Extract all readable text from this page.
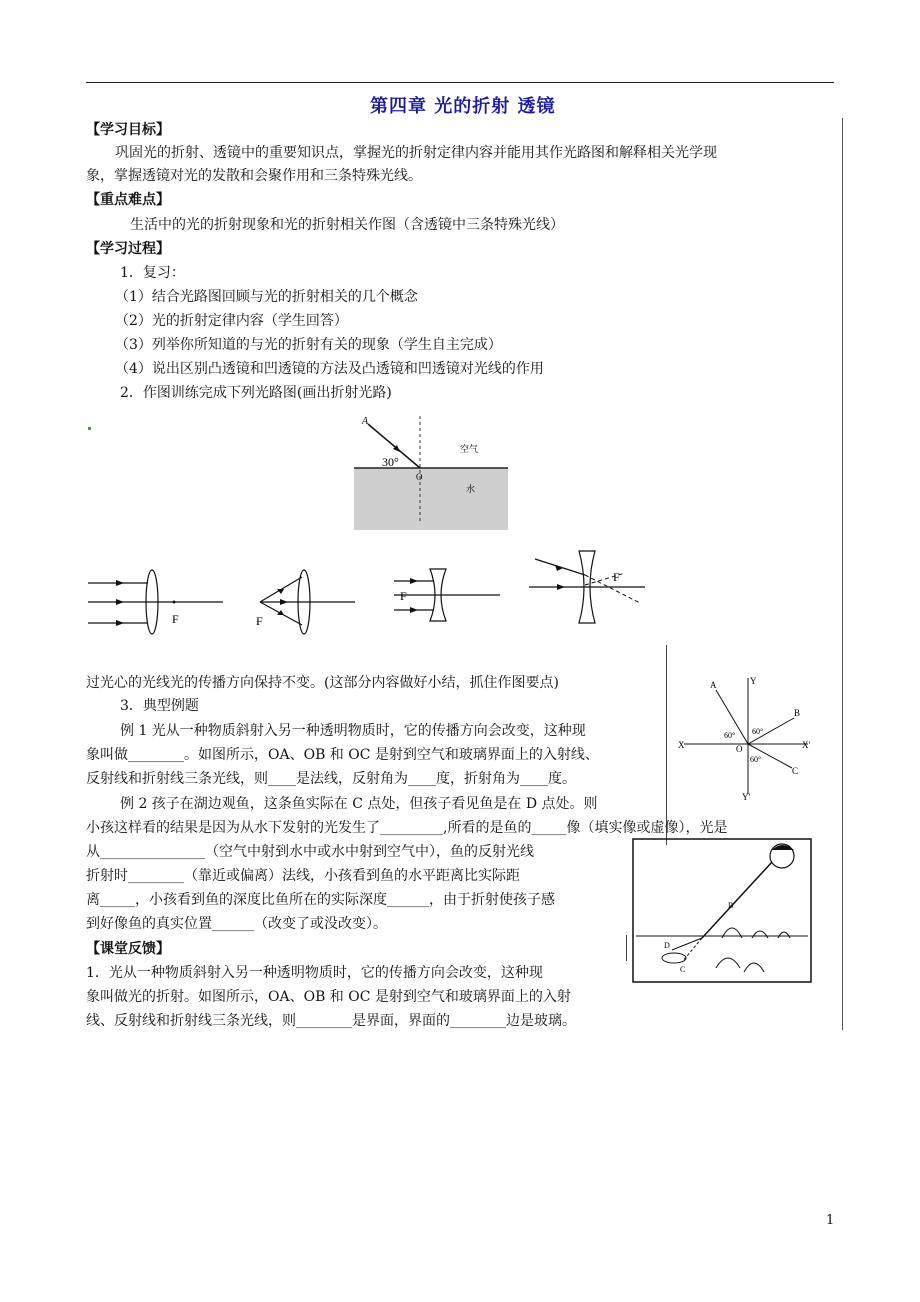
第四章 光的折射 透镜
【学习目标】
巩固光的折射、透镜中的重要知识点，掌握光的折射定律内容并能用其作光路图和解释相关光学现
象，掌握透镜对光的发散和会聚作用和三条特殊光线。
【重点难点】
生活中的光的折射现象和光的折射相关作图（含透镜中三条特殊光线）
【学习过程】
1．复习：
（1）结合光路图回顾与光的折射相关的几个概念
（2）光的折射定律内容（学生回答）
（3）列举你所知道的与光的折射有关的现象（学生自主完成）
（4）说出区别凸透镜和凹透镜的方法及凸透镜和凹透镜对光线的作用
2．作图训练完成下列光路图(画出折射光路)
A
30°
O
空气
水
F	F
F
F
过光心的光线光的传播方向保持不变。(这部分内容做好小结，抓住作图要点)
3．典型例题
例 1 光从一种物质斜射入另一种透明物质时，它的传播方向会改变，这种现
象叫做________。如图所示，OA、OB 和 OC 是射到空气和玻璃界面上的入射线、
反射线和折射线三条光线，则____是法线，反射角为____度，折射角为____度。
例 2 孩子在湖边观鱼，这条鱼实际在 C 点处，但孩子看见鱼是在 D 点处。则
小孩这样看的结果是因为从水下发射的光发生了_________,所看的是鱼的_____像（填实像或虚像），光是
从_______________（空气中射到水中或水中射到空气中），鱼的反射光线
折射时________（靠近或偏离）法线，小孩看到鱼的水平距离比实际距
离_____，小孩看到鱼的深度比鱼所在的实际深度______，由于折射使孩子感
到好像鱼的真实位置______（改变了或没改变）。
A	Y
B
60° 60°
X	O	X'
60°
C
Y'
B
D
C
【课堂反馈】
1．光从一种物质斜射入另一种透明物质时，它的传播方向会改变，这种现
象叫做光的折射。如图所示，OA、OB 和 OC 是射到空气和玻璃界面上的入射
线、反射线和折射线三条光线，则________是界面，界面的________边是玻璃。
1
